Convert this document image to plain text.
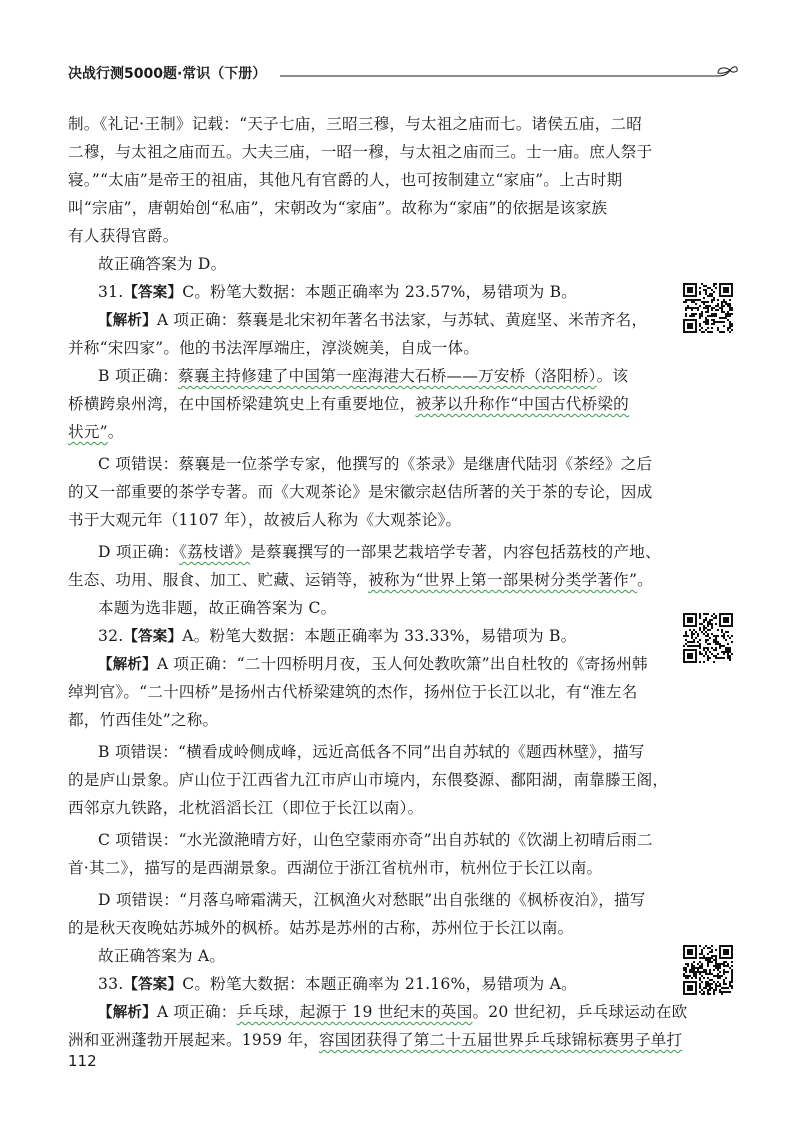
决战行测5000题·常识（下册）
制。《礼记·王制》记载：“天子七庙，三昭三穆，与太祖之庙而七。诸侯五庙，二昭
二穆，与太祖之庙而五。大夫三庙，一昭一穆，与太祖之庙而三。士一庙。庶人祭于
寝。”“太庙”是帝王的祖庙，其他凡有官爵的人，也可按制建立“家庙”。上古时期
叫“宗庙”，唐朝始创“私庙”，宋朝改为“家庙”。故称为“家庙”的依据是该家族
有人获得官爵。
故正确答案为 D。
31.【答案】C。粉笔大数据：本题正确率为 23.57%，易错项为 B。
【解析】A 项正确：蔡襄是北宋初年著名书法家，与苏轼、黄庭坚、米芾齐名，
并称“宋四家”。他的书法浑厚端庄，淳淡婉美，自成一体。
B 项正确：蔡襄主持修建了中国第一座海港大石桥——万安桥（洛阳桥）。该
桥横跨泉州湾，在中国桥梁建筑史上有重要地位，被茅以升称作“中国古代桥梁的
状元”。
C 项错误：蔡襄是一位茶学专家，他撰写的《茶录》是继唐代陆羽《茶经》之后
的又一部重要的茶学专著。而《大观茶论》是宋徽宗赵佶所著的关于茶的专论，因成
书于大观元年（1107 年），故被后人称为《大观茶论》。
D 项正确：《荔枝谱》是蔡襄撰写的一部果艺栽培学专著，内容包括荔枝的产地、
生态、功用、服食、加工、贮藏、运销等，被称为“世界上第一部果树分类学著作”。
本题为选非题，故正确答案为 C。
32.【答案】A。粉笔大数据：本题正确率为 33.33%，易错项为 B。
【解析】A 项正确：“二十四桥明月夜，玉人何处教吹箫”出自杜牧的《寄扬州韩
绰判官》。“二十四桥”是扬州古代桥梁建筑的杰作，扬州位于长江以北，有“淮左名
都，竹西佳处”之称。
B 项错误：“横看成岭侧成峰，远近高低各不同”出自苏轼的《题西林壁》，描写
的是庐山景象。庐山位于江西省九江市庐山市境内，东偎婺源、鄱阳湖，南靠滕王阁，
西邻京九铁路，北枕滔滔长江（即位于长江以南）。
C 项错误：“水光潋滟晴方好，山色空蒙雨亦奇”出自苏轼的《饮湖上初晴后雨二
首·其二》，描写的是西湖景象。西湖位于浙江省杭州市，杭州位于长江以南。
D 项错误：“月落乌啼霜满天，江枫渔火对愁眠”出自张继的《枫桥夜泊》，描写
的是秋天夜晚姑苏城外的枫桥。姑苏是苏州的古称，苏州位于长江以南。
故正确答案为 A。
33.【答案】C。粉笔大数据：本题正确率为 21.16%，易错项为 A。
【解析】A 项正确：乒乓球，起源于 19 世纪末的英国。20 世纪初，乒乓球运动在欧
洲和亚洲蓬勃开展起来。1959 年，容国团获得了第二十五届世界乒乓球锦标赛男子单打
112
